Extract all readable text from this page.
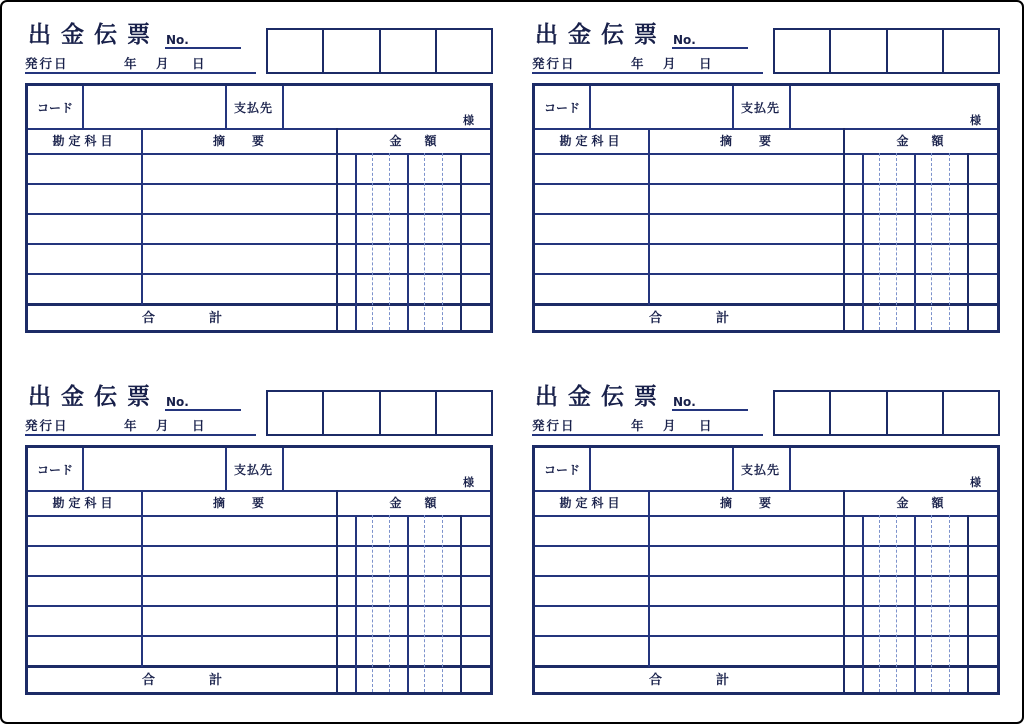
出金伝票 No.
発行日	年 月 日
コード	支払先
様
勘定科目	摘要	金額
合計
出金伝票 No.
発行日	年 月 日
コード	支払先
様
勘定科目	摘要	金額
合計
出金伝票 No.
発行日	年 月 日
コード	支払先
様
勘定科目	摘要	金額
合計
出金伝票 No.
発行日	年 月 日
コード	支払先
様
勘定科目	摘要	金額
合計
